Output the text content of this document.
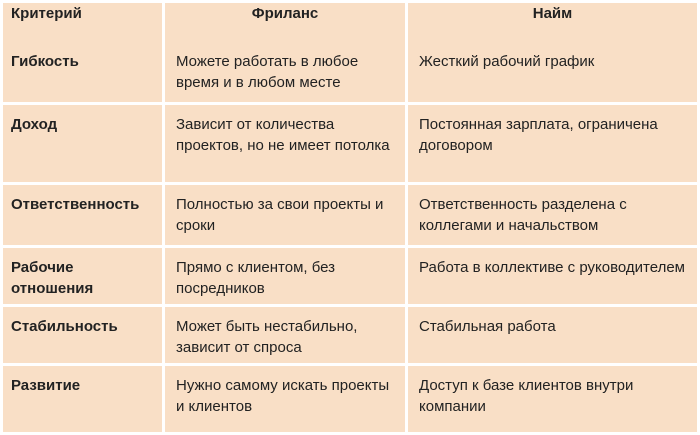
Критерий	Фриланс	Найм
Гибкость	Можете работать в любое время и в любом месте	Жесткий рабочий график
Доход	Зависит от количества проектов, но не имеет потолка	Постоянная зарплата, ограничена договором
Ответственность	Полностью за свои проекты и сроки	Ответственность разделена с коллегами и начальством
Рабочие отношения	Прямо с клиентом, без посредников	Работа в коллективе с руководителем
Стабильность	Может быть нестабильно, зависит от спроса	Стабильная работа
Развитие	Нужно самому искать проекты и клиентов	Доступ к базе клиентов внутри компании
